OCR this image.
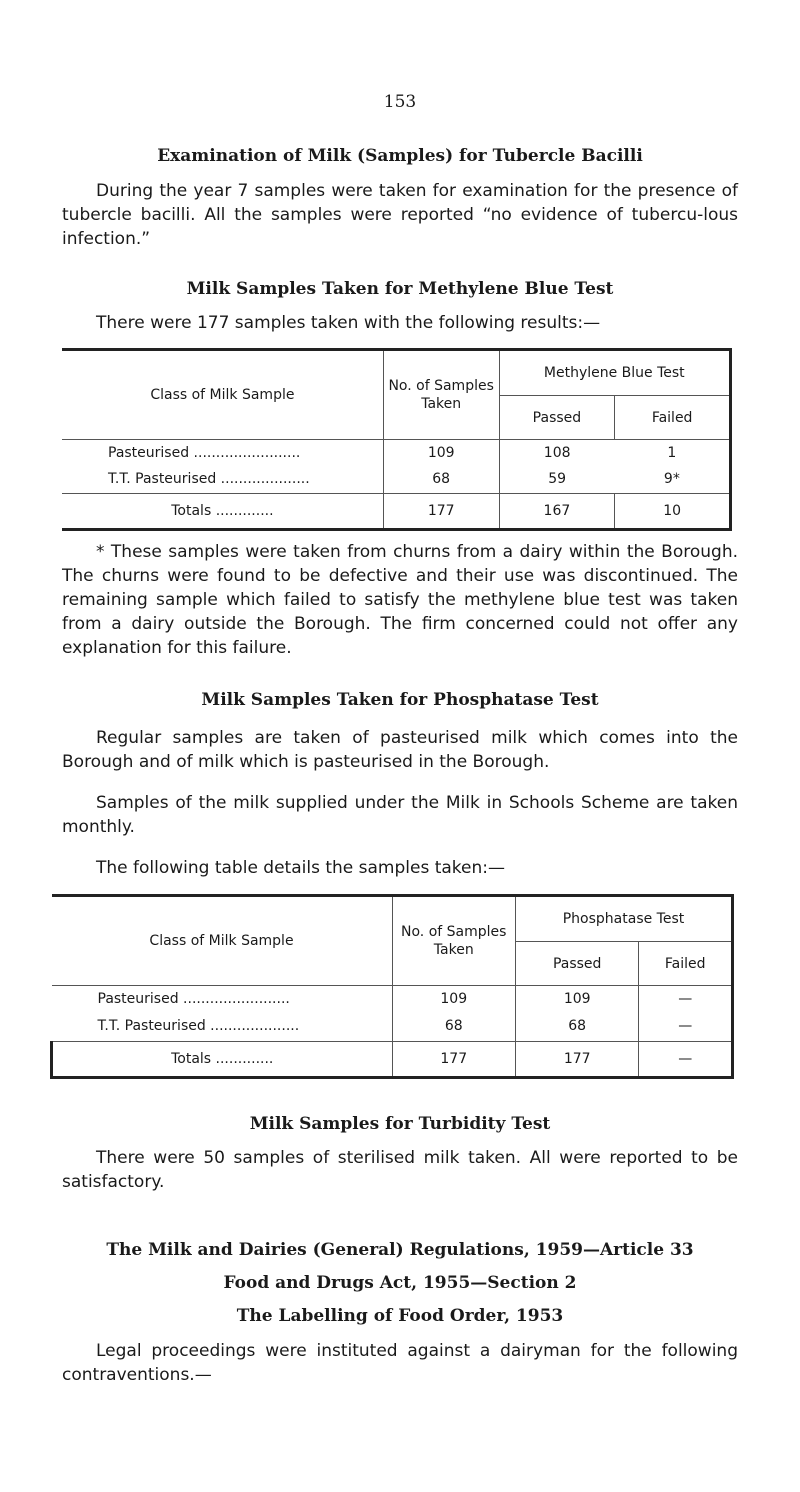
153
Examination of Milk (Samples) for Tubercle Bacilli
During the year 7 samples were taken for examination for the presence of tubercle bacilli. All the samples were reported “no evidence of tubercu-lous infection.”
Milk Samples Taken for Methylene Blue Test
There were 177 samples taken with the following results:—
Class of Milk Sample	No. of Samples Taken	Methylene Blue Test	
		Passed	Failed
Pasteurised ........................	109	108	1
T.T. Pasteurised ....................	68	59	9*
Totals .............	177	167	10
* These samples were taken from churns from a dairy within the Borough. The churns were found to be defective and their use was discontinued. The remaining sample which failed to satisfy the methylene blue test was taken from a dairy outside the Borough. The firm concerned could not offer any explanation for this failure.
Milk Samples Taken for Phosphatase Test
Regular samples are taken of pasteurised milk which comes into the Borough and of milk which is pasteurised in the Borough.
Samples of the milk supplied under the Milk in Schools Scheme are taken monthly.
The following table details the samples taken:—
Class of Milk Sample	No. of Samples Taken	Phosphatase Test	
		Passed	Failed
Pasteurised ........................	109	109	—
T.T. Pasteurised ....................	68	68	—
Totals .............	177	177	—
Milk Samples for Turbidity Test
There were 50 samples of sterilised milk taken. All were reported to be satisfactory.
The Milk and Dairies (General) Regulations, 1959—Article 33
Food and Drugs Act, 1955—Section 2
The Labelling of Food Order, 1953
Legal proceedings were instituted against a dairyman for the following contraventions.—
